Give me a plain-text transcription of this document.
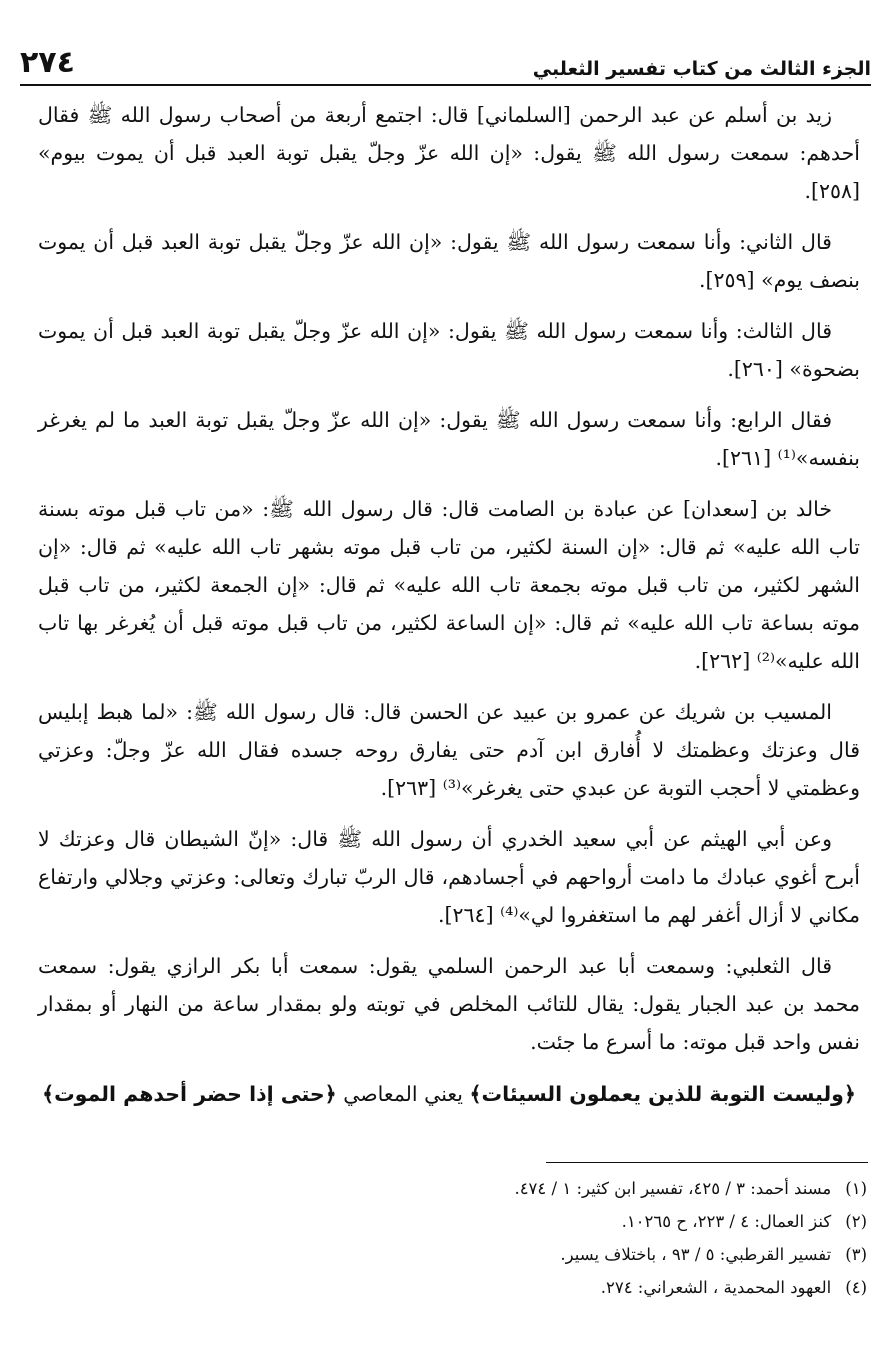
الجزء الثالث من كتاب تفسير الثعلبي
٢٧٤

زيد بن أسلم عن عبد الرحمن [السلماني] قال: اجتمع أربعة من أصحاب رسول الله ﷺ فقال أحدهم: سمعت رسول الله ﷺ يقول: «إن الله عزّ وجلّ يقبل توبة العبد قبل أن يموت بيوم» [٢٥٨].

قال الثاني: وأنا سمعت رسول الله ﷺ يقول: «إن الله عزّ وجلّ يقبل توبة العبد قبل أن يموت بنصف يوم» [٢٥٩].

قال الثالث: وأنا سمعت رسول الله ﷺ يقول: «إن الله عزّ وجلّ يقبل توبة العبد قبل أن يموت بضحوة» [٢٦٠].

فقال الرابع: وأنا سمعت رسول الله ﷺ يقول: «إن الله عزّ وجلّ يقبل توبة العبد ما لم يغرغر بنفسه»⁽¹⁾ [٢٦١].

خالد بن [سعدان] عن عبادة بن الصامت قال: قال رسول الله ﷺ: «من تاب قبل موته بسنة تاب الله عليه» ثم قال: «إن السنة لكثير، من تاب قبل موته بشهر تاب الله عليه» ثم قال: «إن الشهر لكثير، من تاب قبل موته بجمعة تاب الله عليه» ثم قال: «إن الجمعة لكثير، من تاب قبل موته بساعة تاب الله عليه» ثم قال: «إن الساعة لكثير، من تاب قبل موته قبل أن يُغرغر بها تاب الله عليه»⁽²⁾ [٢٦٢].

المسيب بن شريك عن عمرو بن عبيد عن الحسن قال: قال رسول الله ﷺ: «لما هبط إبليس قال وعزتك وعظمتك لا أُفارق ابن آدم حتى يفارق روحه جسده فقال الله عزّ وجلّ: وعزتي وعظمتي لا أحجب التوبة عن عبدي حتى يغرغر»⁽³⁾ [٢٦٣].

وعن أبي الهيثم عن أبي سعيد الخدري أن رسول الله ﷺ قال: «إنّ الشيطان قال وعزتك لا أبرح أغوي عبادك ما دامت أرواحهم في أجسادهم، قال الربّ تبارك وتعالى: وعزتي وجلالي وارتفاع مكاني لا أزال أغفر لهم ما استغفروا لي»⁽⁴⁾ [٢٦٤].

قال الثعلبي: وسمعت أبا عبد الرحمن السلمي يقول: سمعت أبا بكر الرازي يقول: سمعت محمد بن عبد الجبار يقول: يقال للتائب المخلص في توبته ولو بمقدار ساعة من النهار أو بمقدار نفس واحد قبل موته: ما أسرع ما جئت.

﴿وليست التوبة للذين يعملون السيئات﴾ يعني المعاصي ﴿حتى إذا حضر أحدهم الموت﴾
(١)مسند أحمد: ٣ / ٤٢٥، تفسير ابن كثير: ١ / ٤٧٤.
(٢)كنز العمال: ٤ / ٢٢٣، ح ١٠٢٦٥.
(٣)تفسير القرطبي: ٥ / ٩٣ ، باختلاف يسير.
(٤)العهود المحمدية ، الشعراني: ٢٧٤.
